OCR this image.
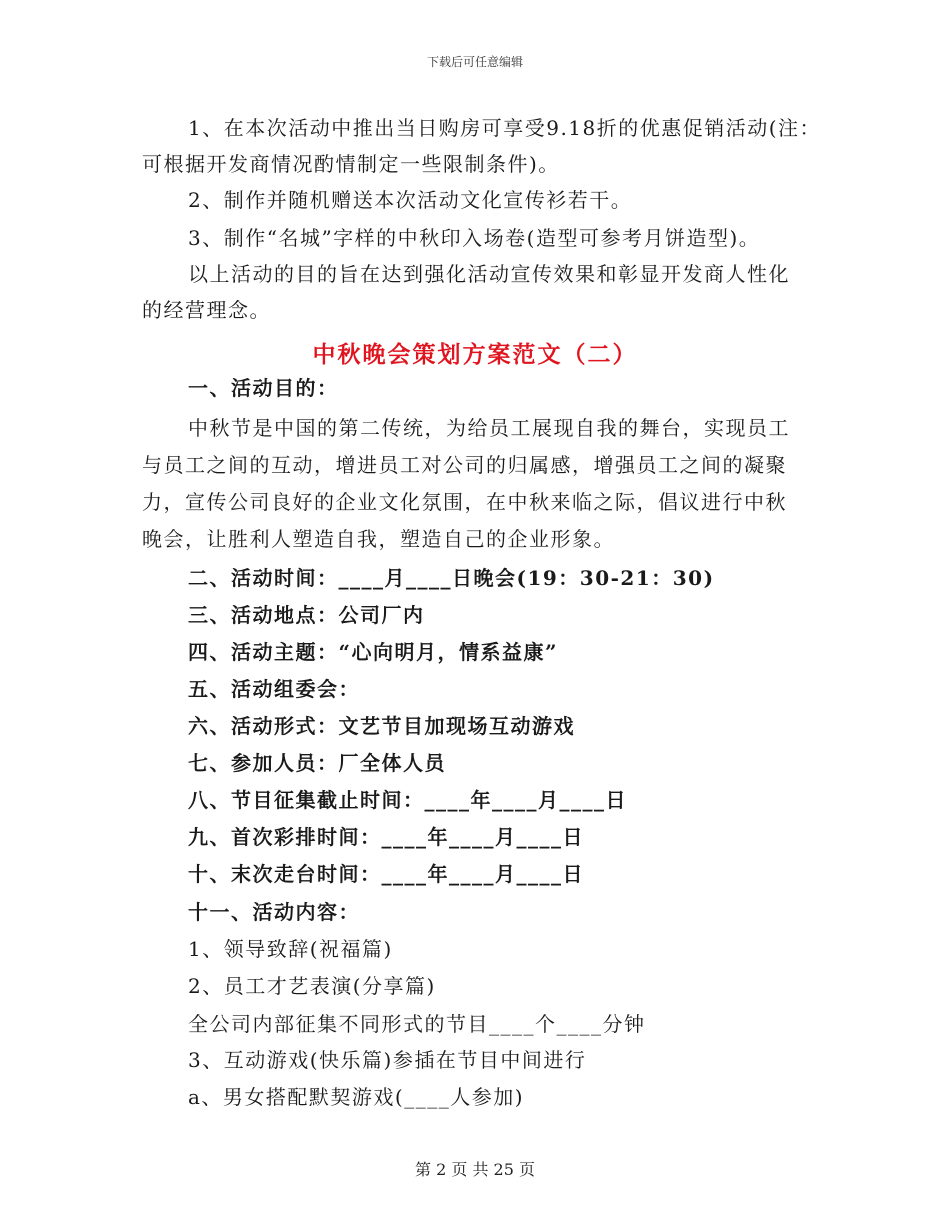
下载后可任意编辑
1、在本次活动中推出当日购房可享受9.18折的优惠促销活动(注：
可根据开发商情况酌情制定一些限制条件)。
2、制作并随机赠送本次活动文化宣传衫若干。
3、制作“名城”字样的中秋印入场卷(造型可参考月饼造型)。
以上活动的目的旨在达到强化活动宣传效果和彰显开发商人性化
的经营理念。
中秋晚会策划方案范文（二）
一、活动目的：
中秋节是中国的第二传统，为给员工展现自我的舞台，实现员工
与员工之间的互动，增进员工对公司的归属感，增强员工之间的凝聚
力，宣传公司良好的企业文化氛围，在中秋来临之际，倡议进行中秋
晚会，让胜利人塑造自我，塑造自己的企业形象。
二、活动时间：____月____日晚会(19：30-21：30)
三、活动地点：公司厂内
四、活动主题：“心向明月，情系益康”
五、活动组委会：
六、活动形式：文艺节目加现场互动游戏
七、参加人员：厂全体人员
八、节目征集截止时间：____年____月____日
九、首次彩排时间：____年____月____日
十、末次走台时间：____年____月____日
十一、活动内容：
1、领导致辞(祝福篇)
2、员工才艺表演(分享篇)
全公司内部征集不同形式的节目____个____分钟
3、互动游戏(快乐篇)参插在节目中间进行
a、男女搭配默契游戏(____人参加)
第 2 页 共 25 页
